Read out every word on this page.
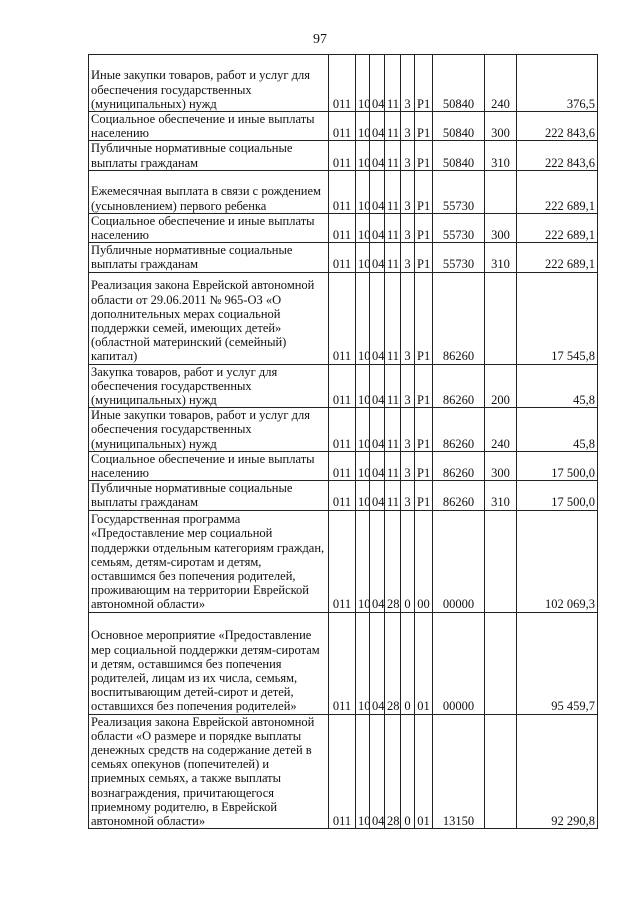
97
Иные закупки товаров, работ и услуг для обеспечения государственных (муниципальных) нужд	011	10	04	11	3	P1	50840	240	376,5
Социальное обеспечение и иные выплаты населению	011	10	04	11	3	P1	50840	300	222 843,6
Публичные нормативные социальные выплаты гражданам	011	10	04	11	3	P1	50840	310	222 843,6
Ежемесячная выплата в связи с рождением (усыновлением) первого ребенка	011	10	04	11	3	P1	55730		222 689,1
Социальное обеспечение и иные выплаты населению	011	10	04	11	3	P1	55730	300	222 689,1
Публичные нормативные социальные выплаты гражданам	011	10	04	11	3	P1	55730	310	222 689,1
Реализация закона Еврейской автономной области от 29.06.2011 № 965-ОЗ «О дополнительных мерах социальной поддержки семей, имеющих детей» (областной материнский (семейный) капитал)	011	10	04	11	3	P1	86260		17 545,8
Закупка товаров, работ и услуг для обеспечения государственных (муниципальных) нужд	011	10	04	11	3	P1	86260	200	45,8
Иные закупки товаров, работ и услуг для обеспечения государственных (муниципальных) нужд	011	10	04	11	3	P1	86260	240	45,8
Социальное обеспечение и иные выплаты населению	011	10	04	11	3	P1	86260	300	17 500,0
Публичные нормативные социальные выплаты гражданам	011	10	04	11	3	P1	86260	310	17 500,0
Государственная программа «Предоставление мер социальной поддержки отдельным категориям граждан, семьям, детям-сиротам и детям, оставшимся без попечения родителей, проживающим на территории Еврейской автономной области»	011	10	04	28	0	00	00000		102 069,3
Основное мероприятие «Предоставление мер социальной поддержки детям-сиротам и детям, оставшимся без попечения родителей, лицам из их числа, семьям, воспитывающим детей-сирот и детей, оставшихся без попечения родителей»	011	10	04	28	0	01	00000		95 459,7
Реализация закона Еврейской автономной области «О размере и порядке выплаты денежных средств на содержание детей в семьях опекунов (попечителей) и приемных семьях, а также выплаты вознаграждения, причитающегося приемному родителю, в Еврейской автономной области»	011	10	04	28	0	01	13150		92 290,8
